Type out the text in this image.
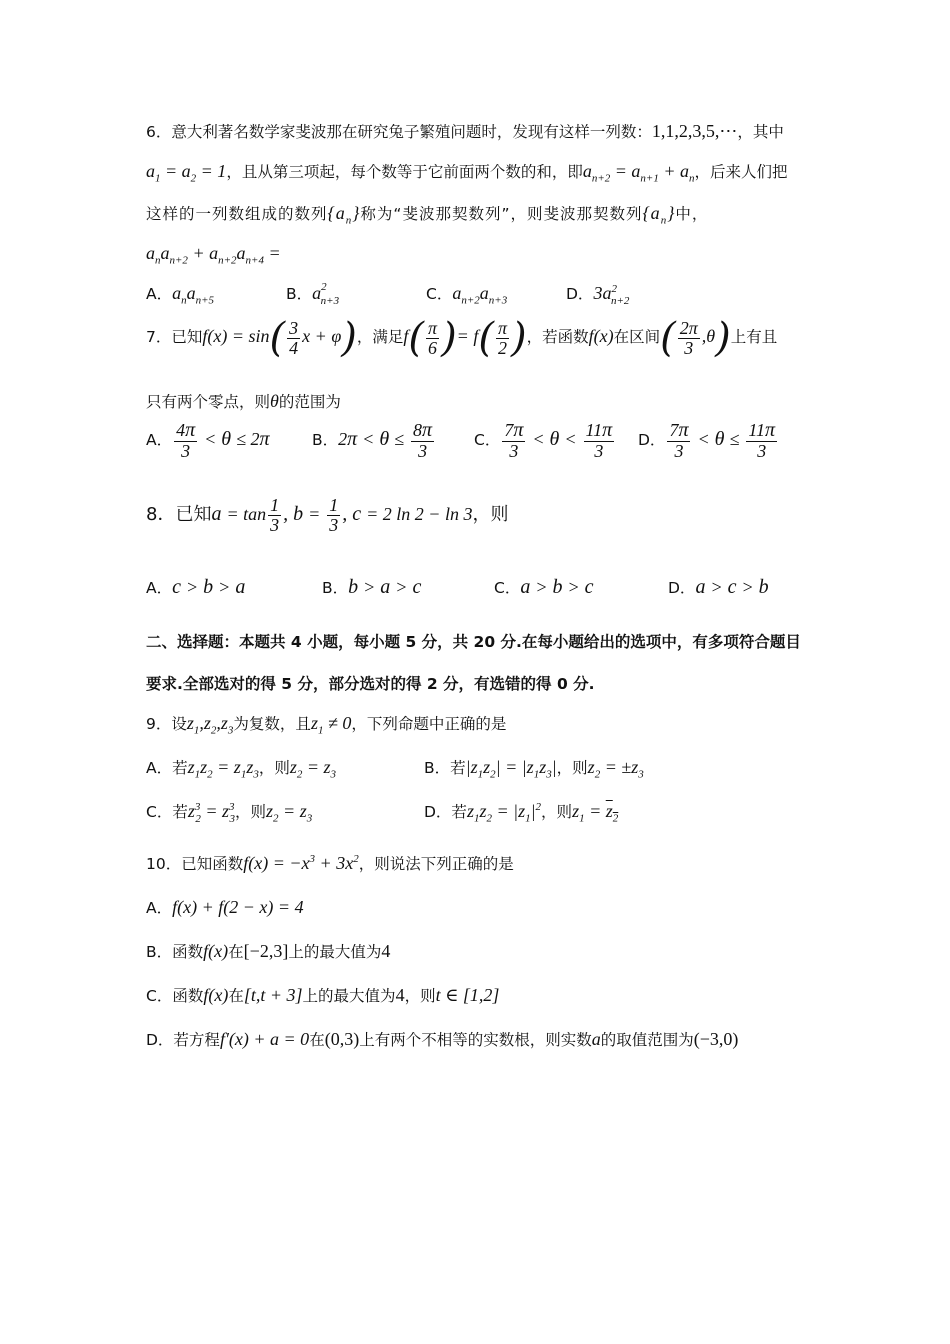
6．意大利著名数学家斐波那在研究兔子繁殖问题时，发现有这样一列数：1,1,2,3,5,⋯，其中
$a_1 = a_2 = 1$，且从第三项起，每个数等于它前面两个数的和，即$a_{n+2} = a_{n+1} + a_n$，后来人们把
这样的一列数组成的数列$\{a_n\}$称为“斐波那契数列”，则斐波那契数列$\{a_n\}$中，
$a_na_{n+2} + a_{n+2}a_{n+4}$ =
A．$a_na_{n+5}$	B．$a^2_{n+3}$	C．$a_{n+2}a_{n+3}$	D．$3a^2_{n+2}$
7．已知$f(x) = \sin( \frac{3}{4}$ x + φ)，满足$f( \frac{\pi}{6}$ )= $f( \frac{\pi}{2}$ )，若函数f(x)在区间( $\frac{2\pi}{3} ,\theta$)上有且
只有两个零点，则θ的范围为
A． $\frac{4\pi}{3} < \theta \le 2\pi$	B．$2\pi < \theta \le \frac{8\pi}{3}$	C． $\frac{7\pi}{3} < \theta < \frac{11\pi}{3}$ D． $\frac{7\pi}{3} < \theta \le \frac{11\pi}{3}$
8．已知$a = \tan \frac{1}{3}$ , $b = \frac{1}{3}$ , c = 2 ln 2 − ln 3，则
A．c > b > a	B．b > a > c	C．a > b > c	D．a > c > b
二、选择题：本题共 4 小题，每小题 5 分，共 20 分.在每小题给出的选项中，有多项符合题目
要求.全部选对的得 5 分，部分选对的得 2 分，有选错的得 0 分.
9．设$z_1,z_2,z_3$为复数，且$z_1 \ne 0$，下列命题中正确的是
A．若$z_1z_2 = z_1z_3$，则$z_2 = z_3$	B．若$|z_1z_2| = |z_1z_3|$，则$z_2 = \pm z_3$
C．若$z^3_2 = z^3_3$，则$z_2 = z_3$	D．若$z_1z_2 = |z_1|^2$，则$z_1 = z_2$
10．已知函数$f(x) = -x^3 + 3x^2$，则说法下列正确的是
A．f(x) + f(2 − x) = 4
B．函数f(x)在[−2,3]上的最大值为4
C．函数f(x)在[t,t + 3]上的最大值为4，则t ∈ [1,2]
D．若方程f′(x) + a = 0在(0,3)上有两个不相等的实数根，则实数a的取值范围为(−3,0)
